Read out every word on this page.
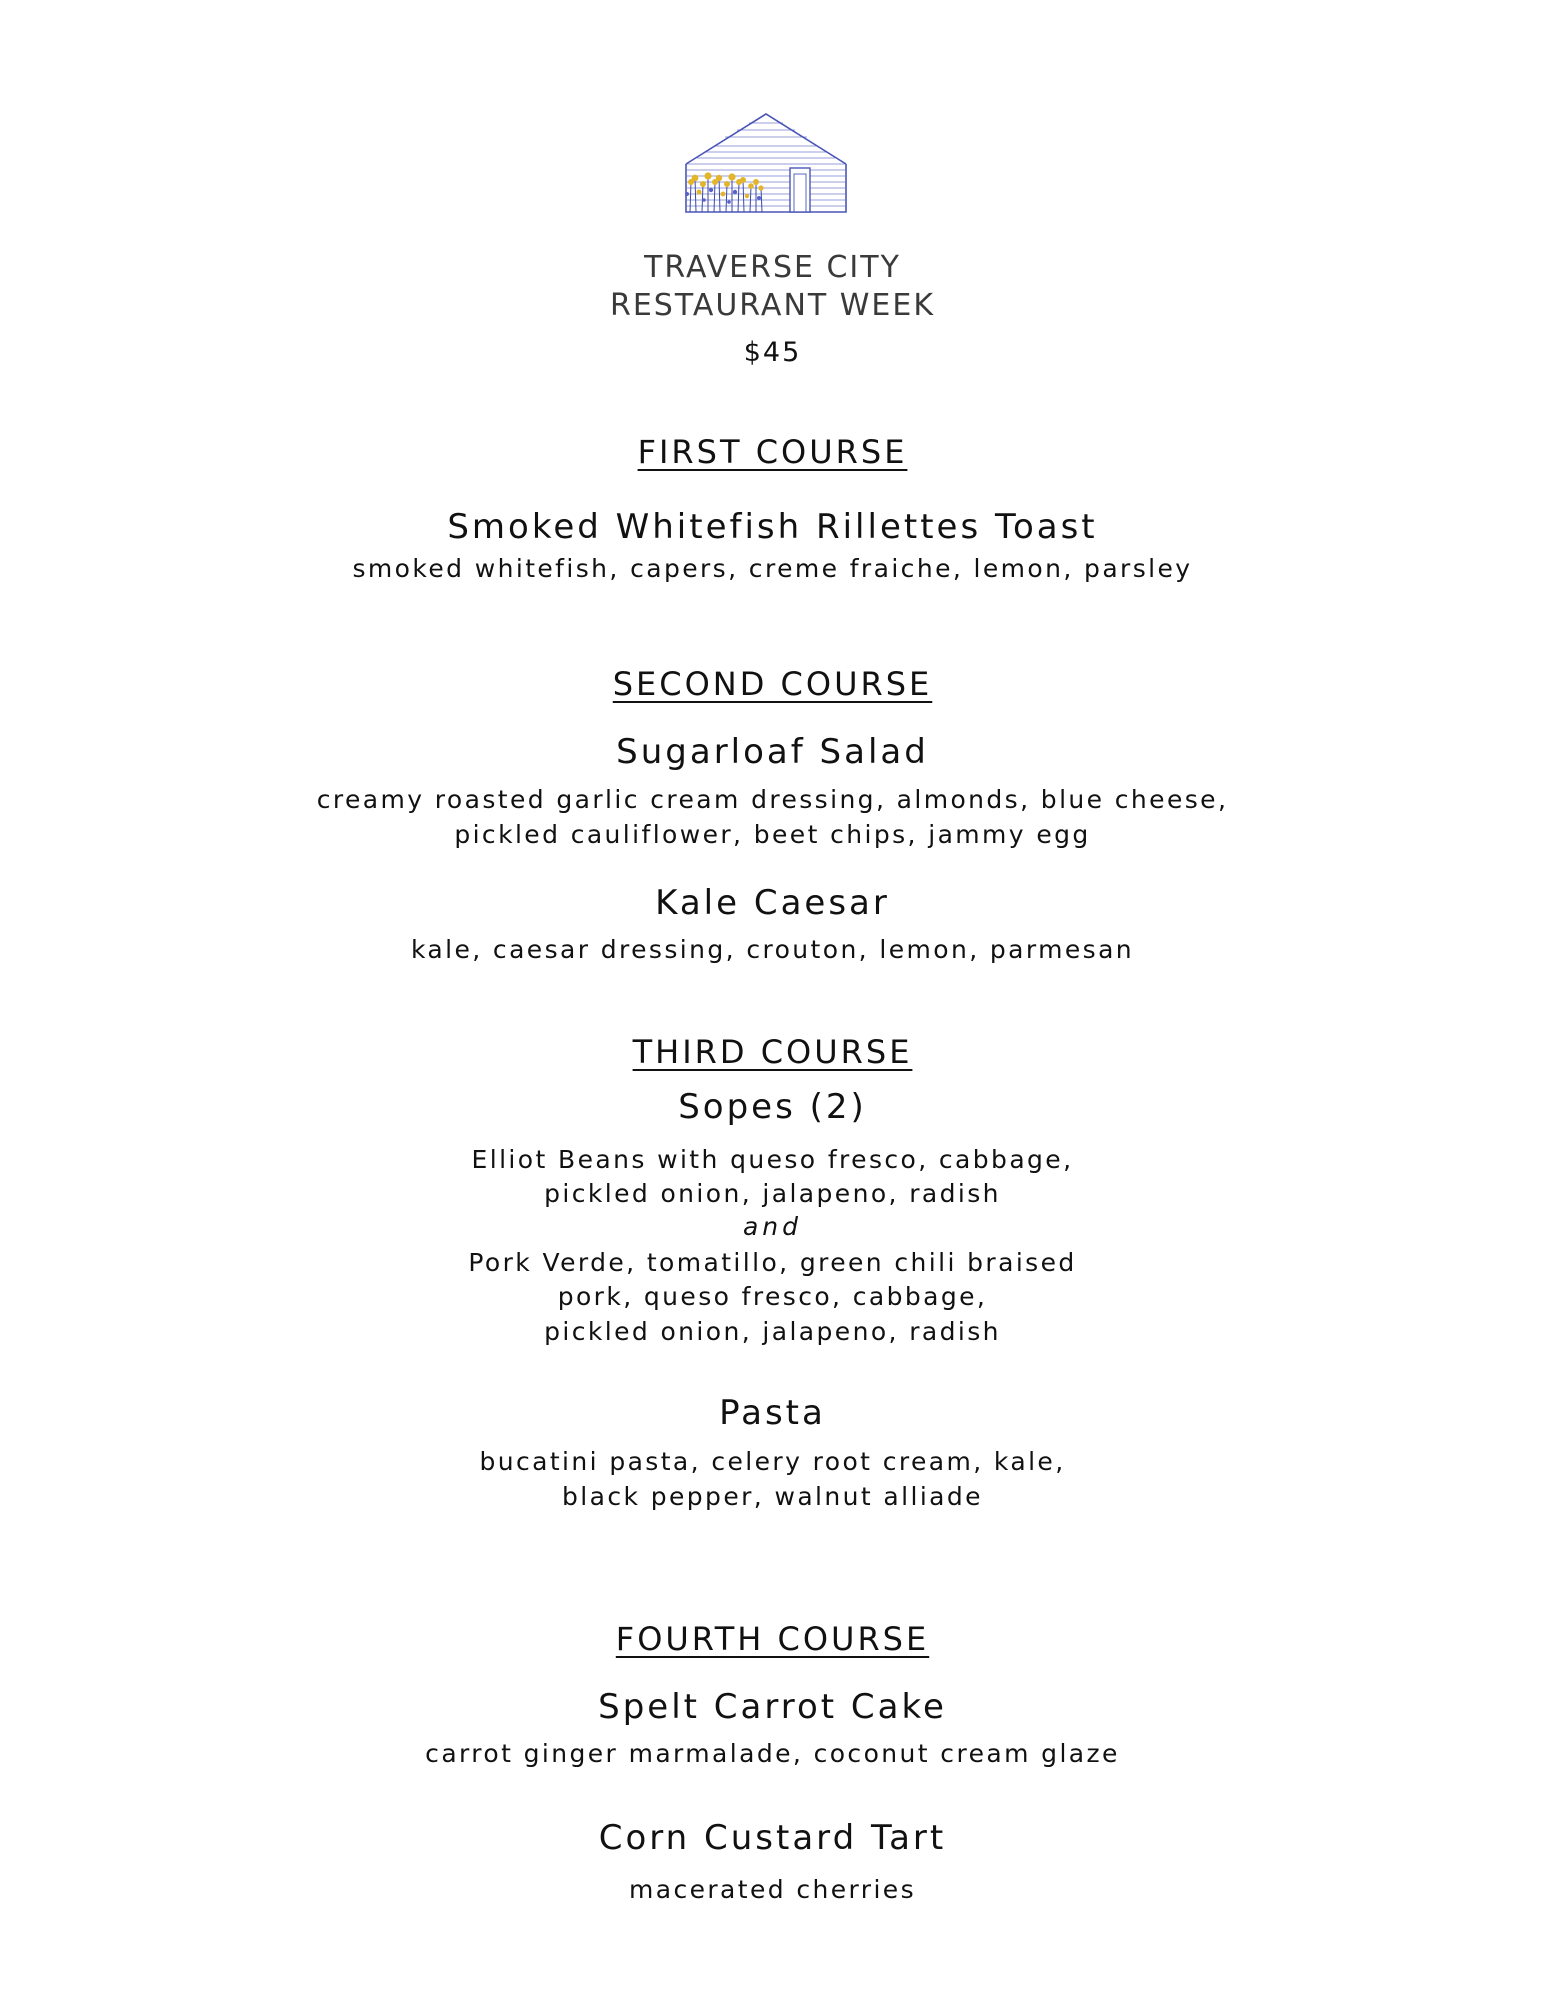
TRAVERSE CITY

RESTAURANT WEEK

$45

FIRST COURSE

Smoked Whitefish Rillettes Toast

smoked whitefish, capers, creme fraiche, lemon, parsley

SECOND COURSE

Sugarloaf Salad

creamy roasted garlic cream dressing, almonds, blue cheese,

pickled cauliflower, beet chips, jammy egg

Kale Caesar

kale, caesar dressing, crouton, lemon, parmesan

THIRD COURSE

Sopes (2)

Elliot Beans with queso fresco, cabbage,

pickled onion, jalapeno, radish

and

Pork Verde, tomatillo, green chili braised

pork, queso fresco, cabbage,

pickled onion, jalapeno, radish

Pasta

bucatini pasta, celery root cream, kale,

black pepper, walnut alliade

FOURTH COURSE

Spelt Carrot Cake

carrot ginger marmalade, coconut cream glaze

Corn Custard Tart

macerated cherries
